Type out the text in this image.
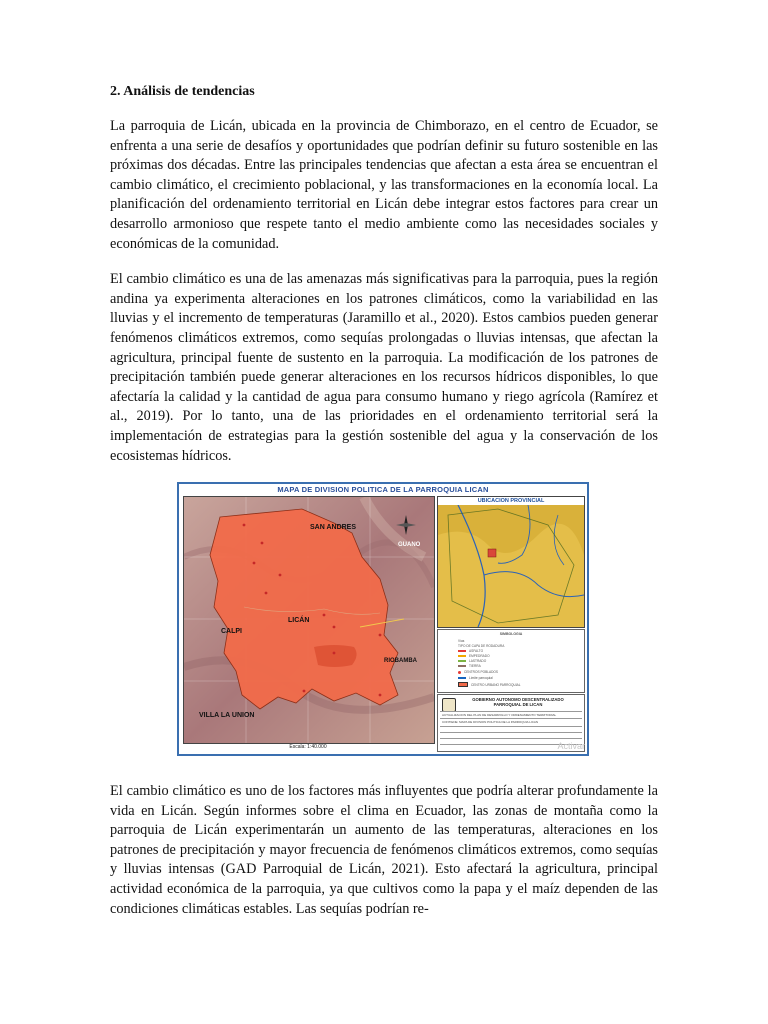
2. Análisis de tendencias

La parroquia de Licán, ubicada en la provincia de Chimborazo, en el centro de Ecuador, se enfrenta a una serie de desafíos y oportunidades que podrían definir su futuro sostenible en las próximas dos décadas. Entre las principales tendencias que afectan a esta área se encuentran el cambio climático, el crecimiento poblacional, y las transformaciones en la economía local. La planificación del ordenamiento territorial en Licán debe integrar estos factores para crear un desarrollo armonioso que respete tanto el medio ambiente como las necesidades sociales y económicas de la comunidad.

El cambio climático es una de las amenazas más significativas para la parroquia, pues la región andina ya experimenta alteraciones en los patrones climáticos, como la variabilidad en las lluvias y el incremento de temperaturas (Jaramillo et al., 2020). Estos cambios pueden generar fenómenos climáticos extremos, como sequías prolongadas o lluvias intensas, que afectan la agricultura, principal fuente de sustento en la parroquia. La modificación de los patrones de precipitación también puede generar alteraciones en los recursos hídricos disponibles, lo que afectaría la calidad y la cantidad de agua para consumo humano y riego agrícola (Ramírez et al., 2019). Por lo tanto, una de las prioridades en el ordenamiento territorial será la implementación de estrategias para la gestión sostenible del agua y la conservación de los ecosistemas hídricos.

MAPA DE DIVISION POLITICA DE LA PARROQUIA LICAN
SAN ANDRES
GUANO
LICÁN
CALPI
RIOBAMBA
VILLA LA UNION
Escala: 1:40.000
UBICACION PROVINCIAL
SIMBOLOGIA
Vías
TIPO DE CAPA DE RODADURA
ASFALTO
EMPEDRADO
LASTRADO
TIERRA
CENTROS POBLADOS
Límite parroquial
CENTRO URBANO PARROQUIAL
GOBIERNO AUTONOMO DESCENTRALIZADO PARROQUIAL DE LICAN
ACTUALIZACION DEL PLAN DE DESARROLLO Y ORDENAMIENTO TERRITORIAL
CONTIENE: MAPA DE DIVISION POLITICA DE LA PARROQUIA LICAN
Activar

El cambio climático es uno de los factores más influyentes que podría alterar profundamente la vida en Licán. Según informes sobre el clima en Ecuador, las zonas de montaña como la parroquia de Licán experimentarán un aumento de las temperaturas, alteraciones en los patrones de precipitación y mayor frecuencia de fenómenos climáticos extremos, como sequías y lluvias intensas (GAD Parroquial de Licán, 2021). Esto afectará la agricultura, principal actividad económica de la parroquia, ya que cultivos como la papa y el maíz dependen de las condiciones climáticas estables. Las sequías podrían re-
